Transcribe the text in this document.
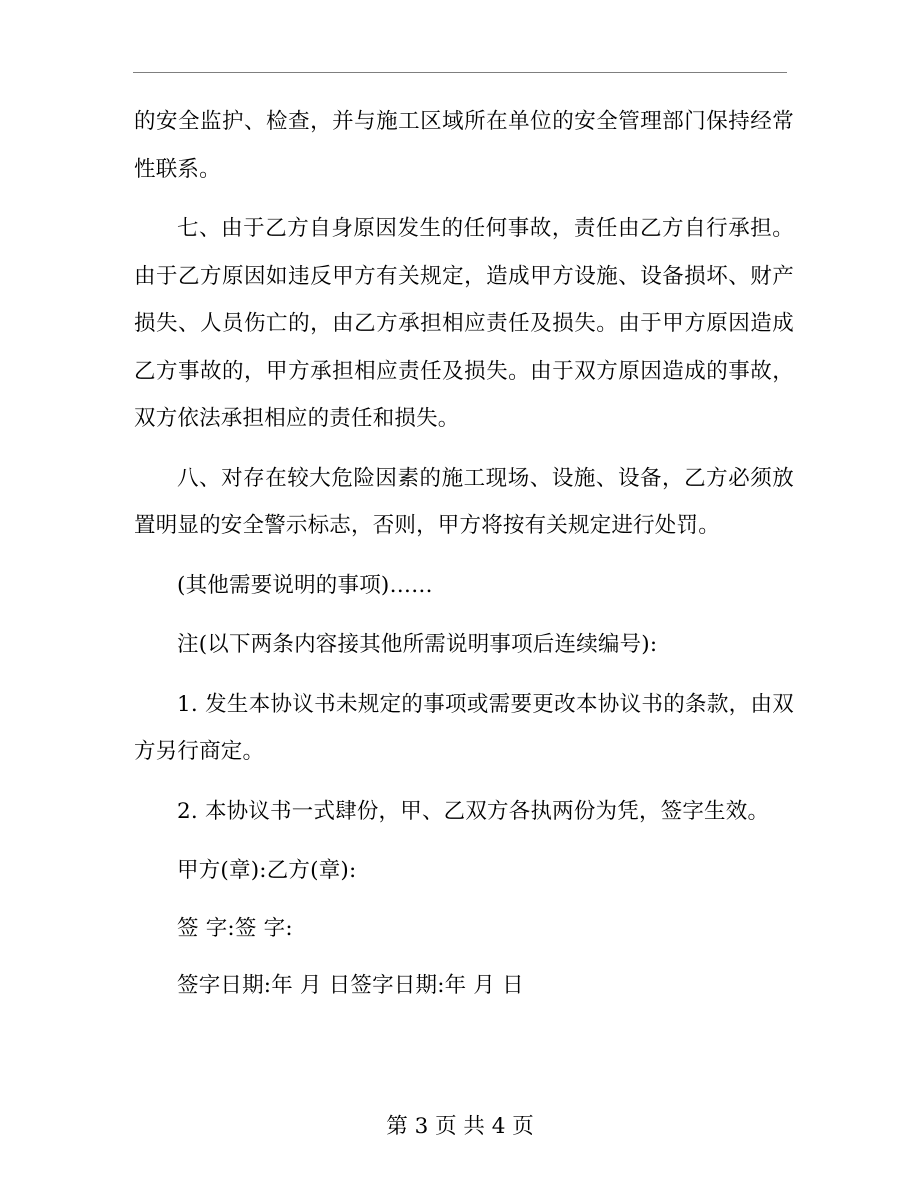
的安全监护、检查，并与施工区域所在单位的安全管理部门保持经常性联系。

七、由于乙方自身原因发生的任何事故，责任由乙方自行承担。由于乙方原因如违反甲方有关规定，造成甲方设施、设备损坏、财产损失、人员伤亡的，由乙方承担相应责任及损失。由于甲方原因造成乙方事故的，甲方承担相应责任及损失。由于双方原因造成的事故，双方依法承担相应的责任和损失。

八、对存在较大危险因素的施工现场、设施、设备，乙方必须放置明显的安全警示标志，否则，甲方将按有关规定进行处罚。

(其他需要说明的事项)……

注(以下两条内容接其他所需说明事项后连续编号):

1. 发生本协议书未规定的事项或需要更改本协议书的条款，由双方另行商定。

2. 本协议书一式肆份，甲、乙双方各执两份为凭，签字生效。

甲方(章):乙方(章):

签 字:签 字:

签字日期:年 月 日签字日期:年 月 日

第 3 页 共 4 页
